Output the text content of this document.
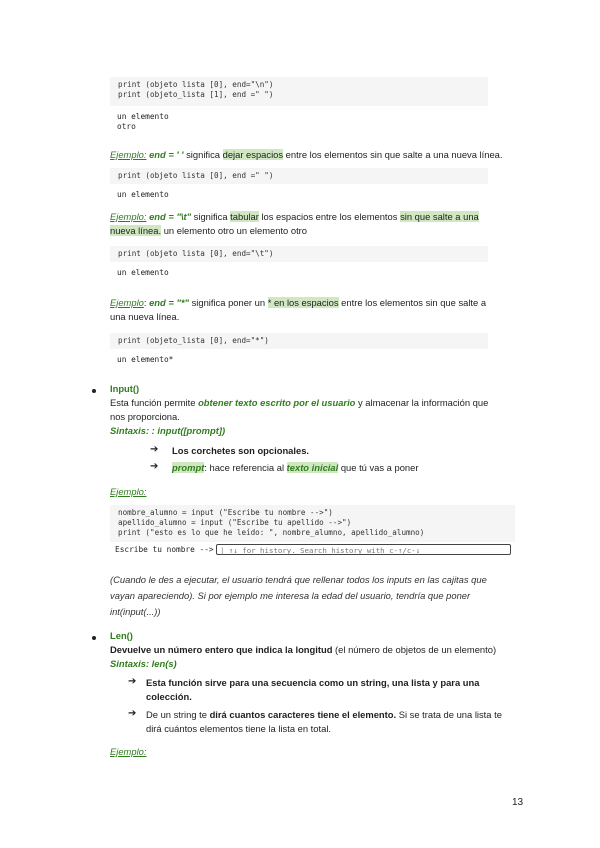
print (objeto lista [0], end="\n")
print (objeto_lista [1], end =" ")
un elemento
otro
Ejemplo: end = ' ' significa dejar espacios entre los elementos sin que salte a una nueva línea.
print (objeto lista [0], end =" ")
un elemento
Ejemplo: end = "\t" significa tabular los espacios entre los elementos sin que salte a una
nueva línea. un elemento otro un elemento otro
print (objeto lista [0], end="\t")
un elemento
Ejemplo: end = "*" significa poner un * en los espacios entre los elementos sin que salte a
una nueva línea.
print (objeto_lista [0], end="*")
un elemento*
Input()
Esta función permite obtener texto escrito por el usuario y almacenar la información que
nos proporciona.
Sintaxis: : input([prompt])
➔ Los corchetes son opcionales.
➔ prompt: hace referencia al texto inicial que tú vas a poner
Ejemplo:
nombre_alumno = input ("Escribe tu nombre -->")
apellido_alumno = input ("Escribe tu apellido -->")
print ("esto es lo que he leído: ", nombre_alumno, apellido_alumno)
Escribe tu nombre --> | ↑↓ for history. Search history with c-↑/c-↓
(Cuando le des a ejecutar, el usuario tendrá que rellenar todos los inputs en las cajitas que
vayan apareciendo). Si por ejemplo me interesa la edad del usuario, tendría que poner
int(input(...))
Len()
Devuelve un número entero que indica la longitud (el número de objetos de un elemento)
Sintaxis: len(s)
➔ Esta función sirve para una secuencia como un string, una lista y para una
colección.
➔ De un string te dirá cuantos caracteres tiene el elemento. Si se trata de una lista te
dirá cuántos elementos tiene la lista en total.
Ejemplo:
13
